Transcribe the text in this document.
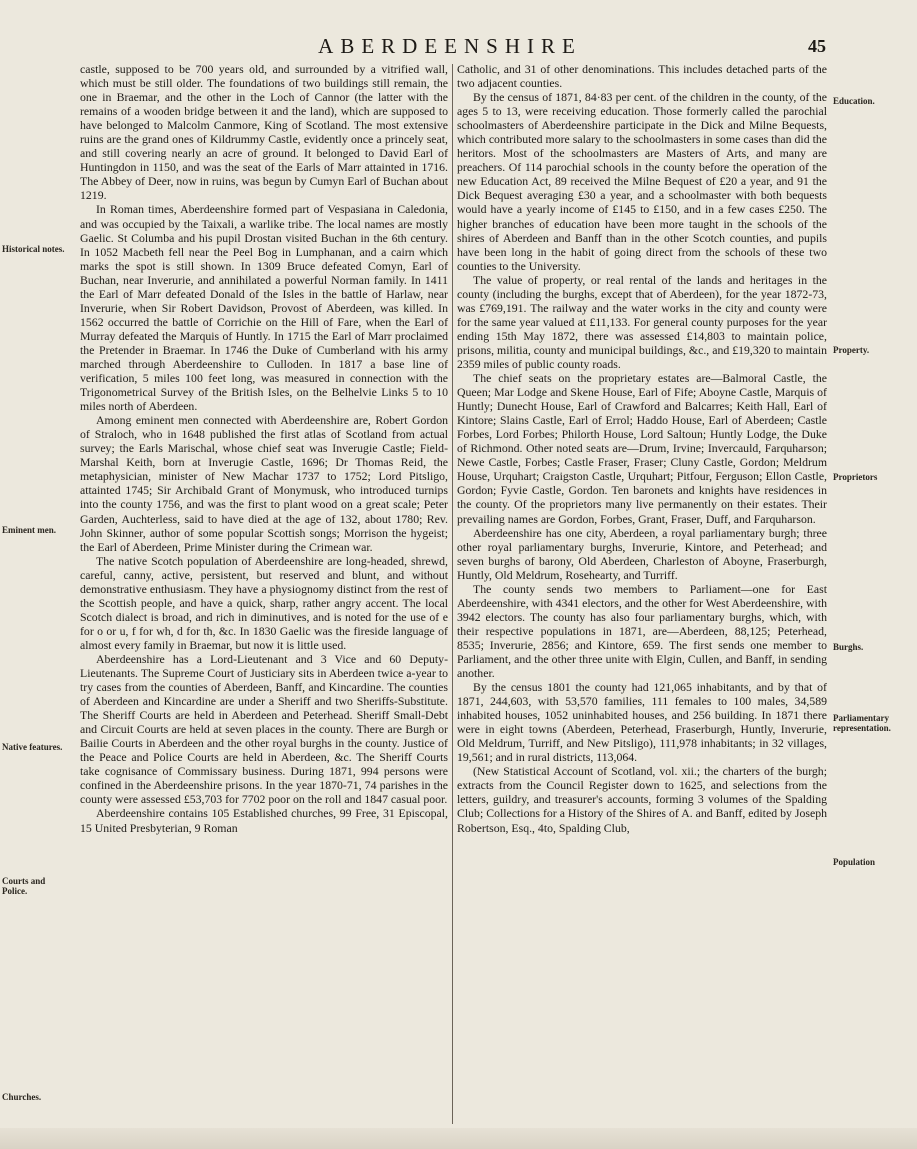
ABERDEENSHIRE	45

castle, supposed to be 700 years old, and surrounded by a vitrified wall, which must be still older. The foundations of two buildings still remain, the one in Braemar, and the other in the Loch of Cannor (the latter with the remains of a wooden bridge between it and the land), which are supposed to have belonged to Malcolm Canmore, King of Scotland. The most extensive ruins are the grand ones of Kildrummy Castle, evidently once a princely seat, and still covering nearly an acre of ground. It belonged to David Earl of Huntingdon in 1150, and was the seat of the Earls of Marr attainted in 1716. The Abbey of Deer, now in ruins, was begun by Cumyn Earl of Buchan about 1219.

In Roman times, Aberdeenshire formed part of Vespasiana in Caledonia, and was occupied by the Taixali, a warlike tribe. The local names are mostly Gaelic. St Columba and his pupil Drostan visited Buchan in the 6th century. In 1052 Macbeth fell near the Peel Bog in Lumphanan, and a cairn which marks the spot is still shown. In 1309 Bruce defeated Comyn, Earl of Buchan, near Inverurie, and annihilated a powerful Norman family. In 1411 the Earl of Marr defeated Donald of the Isles in the battle of Harlaw, near Inverurie, when Sir Robert Davidson, Provost of Aberdeen, was killed. In 1562 occurred the battle of Corrichie on the Hill of Fare, when the Earl of Murray defeated the Marquis of Huntly. In 1715 the Earl of Marr proclaimed the Pretender in Braemar. In 1746 the Duke of Cumberland with his army marched through Aberdeenshire to Culloden. In 1817 a base line of verification, 5 miles 100 feet long, was measured in connection with the Trigonometrical Survey of the British Isles, on the Belhelvie Links 5 to 10 miles north of Aberdeen.

Among eminent men connected with Aberdeenshire are, Robert Gordon of Straloch, who in 1648 published the first atlas of Scotland from actual survey; the Earls Marischal, whose chief seat was Inverugie Castle; Field-Marshal Keith, born at Inverugie Castle, 1696; Dr Thomas Reid, the metaphysician, minister of New Machar 1737 to 1752; Lord Pitsligo, attainted 1745; Sir Archibald Grant of Monymusk, who introduced turnips into the county 1756, and was the first to plant wood on a great scale; Peter Garden, Auchterless, said to have died at the age of 132, about 1780; Rev. John Skinner, author of some popular Scottish songs; Morrison the hygeist; the Earl of Aberdeen, Prime Minister during the Crimean war.

The native Scotch population of Aberdeenshire are long-headed, shrewd, careful, canny, active, persistent, but reserved and blunt, and without demonstrative enthusiasm. They have a physiognomy distinct from the rest of the Scottish people, and have a quick, sharp, rather angry accent. The local Scotch dialect is broad, and rich in diminutives, and is noted for the use of e for o or u, f for wh, d for th, &c. In 1830 Gaelic was the fireside language of almost every family in Braemar, but now it is little used.

Aberdeenshire has a Lord-Lieutenant and 3 Vice and 60 Deputy-Lieutenants. The Supreme Court of Justiciary sits in Aberdeen twice a-year to try cases from the counties of Aberdeen, Banff, and Kincardine. The counties of Aberdeen and Kincardine are under a Sheriff and two Sheriffs-Substitute. The Sheriff Courts are held in Aberdeen and Peterhead. Sheriff Small-Debt and Circuit Courts are held at seven places in the county. There are Burgh or Bailie Courts in Aberdeen and the other royal burghs in the county. Justice of the Peace and Police Courts are held in Aberdeen, &c. The Sheriff Courts take cognisance of Commissary business. During 1871, 994 persons were confined in the Aberdeenshire prisons. In the year 1870-71, 74 parishes in the county were assessed £53,703 for 7702 poor on the roll and 1847 casual poor.

Aberdeenshire contains 105 Established churches, 99 Free, 31 Episcopal, 15 United Presbyterian, 9 Roman

Catholic, and 31 of other denominations. This includes detached parts of the two adjacent counties.

By the census of 1871, 84·83 per cent. of the children in the county, of the ages 5 to 13, were receiving education. Those formerly called the parochial schoolmasters of Aberdeenshire participate in the Dick and Milne Bequests, which contributed more salary to the schoolmasters in some cases than did the heritors. Most of the schoolmasters are Masters of Arts, and many are preachers. Of 114 parochial schools in the county before the operation of the new Education Act, 89 received the Milne Bequest of £20 a year, and 91 the Dick Bequest averaging £30 a year, and a schoolmaster with both bequests would have a yearly income of £145 to £150, and in a few cases £250. The higher branches of education have been more taught in the schools of the shires of Aberdeen and Banff than in the other Scotch counties, and pupils have been long in the habit of going direct from the schools of these two counties to the University.

The value of property, or real rental of the lands and heritages in the county (including the burghs, except that of Aberdeen), for the year 1872-73, was £769,191. The railway and the water works in the city and county were for the same year valued at £11,133. For general county purposes for the year ending 15th May 1872, there was assessed £14,803 to maintain police, prisons, militia, county and municipal buildings, &c., and £19,320 to maintain 2359 miles of public county roads.

The chief seats on the proprietary estates are—Balmoral Castle, the Queen; Mar Lodge and Skene House, Earl of Fife; Aboyne Castle, Marquis of Huntly; Dunecht House, Earl of Crawford and Balcarres; Keith Hall, Earl of Kintore; Slains Castle, Earl of Errol; Haddo House, Earl of Aberdeen; Castle Forbes, Lord Forbes; Philorth House, Lord Saltoun; Huntly Lodge, the Duke of Richmond. Other noted seats are—Drum, Irvine; Invercauld, Farquharson; Newe Castle, Forbes; Castle Fraser, Fraser; Cluny Castle, Gordon; Meldrum House, Urquhart; Craigston Castle, Urquhart; Pitfour, Ferguson; Ellon Castle, Gordon; Fyvie Castle, Gordon. Ten baronets and knights have residences in the county. Of the proprietors many live permanently on their estates. Their prevailing names are Gordon, Forbes, Grant, Fraser, Duff, and Farquharson.

Aberdeenshire has one city, Aberdeen, a royal parliamentary burgh; three other royal parliamentary burghs, Inverurie, Kintore, and Peterhead; and seven burghs of barony, Old Aberdeen, Charleston of Aboyne, Fraserburgh, Huntly, Old Meldrum, Rosehearty, and Turriff.

The county sends two members to Parliament—one for East Aberdeenshire, with 4341 electors, and the other for West Aberdeenshire, with 3942 electors. The county has also four parliamentary burghs, which, with their respective populations in 1871, are—Aberdeen, 88,125; Peterhead, 8535; Inverurie, 2856; and Kintore, 659. The first sends one member to Parliament, and the other three unite with Elgin, Cullen, and Banff, in sending another.

By the census 1801 the county had 121,065 inhabitants, and by that of 1871, 244,603, with 53,570 families, 111 females to 100 males, 34,589 inhabited houses, 1052 uninhabited houses, and 256 building. In 1871 there were in eight towns (Aberdeen, Peterhead, Fraserburgh, Huntly, Inverurie, Old Meldrum, Turriff, and New Pitsligo), 111,978 inhabitants; in 32 villages, 19,561; and in rural districts, 113,064.

(New Statistical Account of Scotland, vol. xii.; the charters of the burgh; extracts from the Council Register down to 1625, and selections from the letters, guildry, and treasurer's accounts, forming 3 volumes of the Spalding Club; Collections for a History of the Shires of A. and Banff, edited by Joseph Robertson, Esq., 4to, Spalding Club,

Historical notes.
Eminent men.
Native features.
Courts and Police.
Churches.
Education.
Property.
Proprietors
Burghs.
Parliamentary representation.
Population
